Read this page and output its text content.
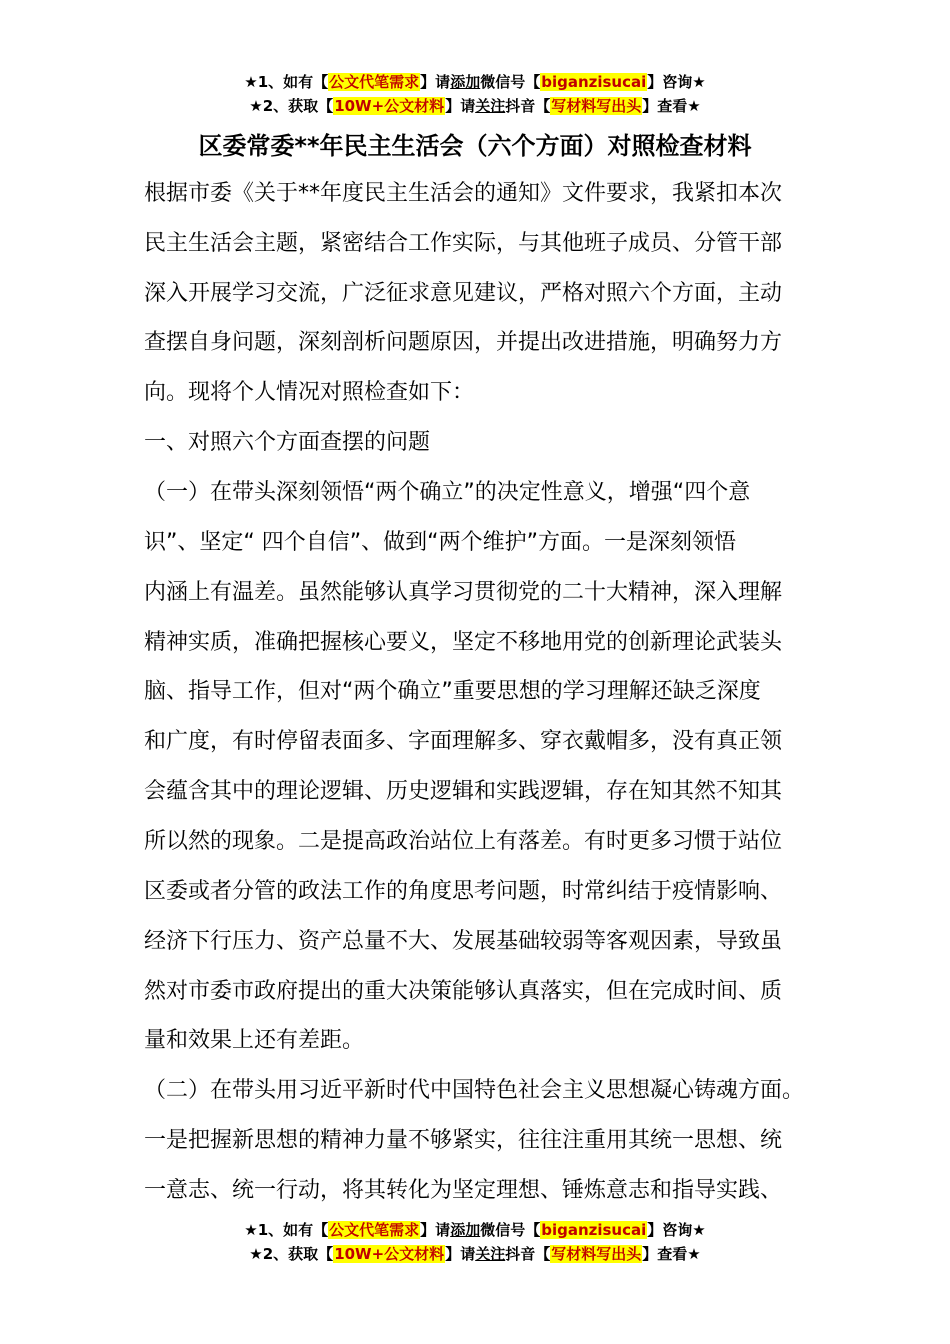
★1、如有【公文代笔需求】请添加微信号【biganzisucai】咨询★
★2、获取【10W+公文材料】请关注抖音【写材料写出头】查看★
区委常委**年民主生活会（六个方面）对照检查材料
根据市委《关于**年度民主生活会的通知》文件要求，我紧扣本次
民主生活会主题，紧密结合工作实际，与其他班子成员、分管干部
深入开展学习交流，广泛征求意见建议，严格对照六个方面，主动
查摆自身问题，深刻剖析问题原因，并提出改进措施，明确努力方
向。现将个人情况对照检查如下：
一、对照六个方面查摆的问题
（一）在带头深刻领悟“两个确立”的决定性意义，增强“四个意
识”、坚定“ 四个自信”、做到“两个维护”方面。一是深刻领悟
内涵上有温差。虽然能够认真学习贯彻党的二十大精神，深入理解
精神实质，准确把握核心要义，坚定不移地用党的创新理论武装头
脑、指导工作，但对“两个确立”重要思想的学习理解还缺乏深度
和广度，有时停留表面多、字面理解多、穿衣戴帽多，没有真正领
会蕴含其中的理论逻辑、历史逻辑和实践逻辑，存在知其然不知其
所以然的现象。二是提高政治站位上有落差。有时更多习惯于站位
区委或者分管的政法工作的角度思考问题，时常纠结于疫情影响、
经济下行压力、资产总量不大、发展基础较弱等客观因素，导致虽
然对市委市政府提出的重大决策能够认真落实，但在完成时间、质
量和效果上还有差距。
（二）在带头用习近平新时代中国特色社会主义思想凝心铸魂方面。
一是把握新思想的精神力量不够紧实，往往注重用其统一思想、统
一意志、统一行动，将其转化为坚定理想、锤炼意志和指导实践、
★1、如有【公文代笔需求】请添加微信号【biganzisucai】咨询★
★2、获取【10W+公文材料】请关注抖音【写材料写出头】查看★
